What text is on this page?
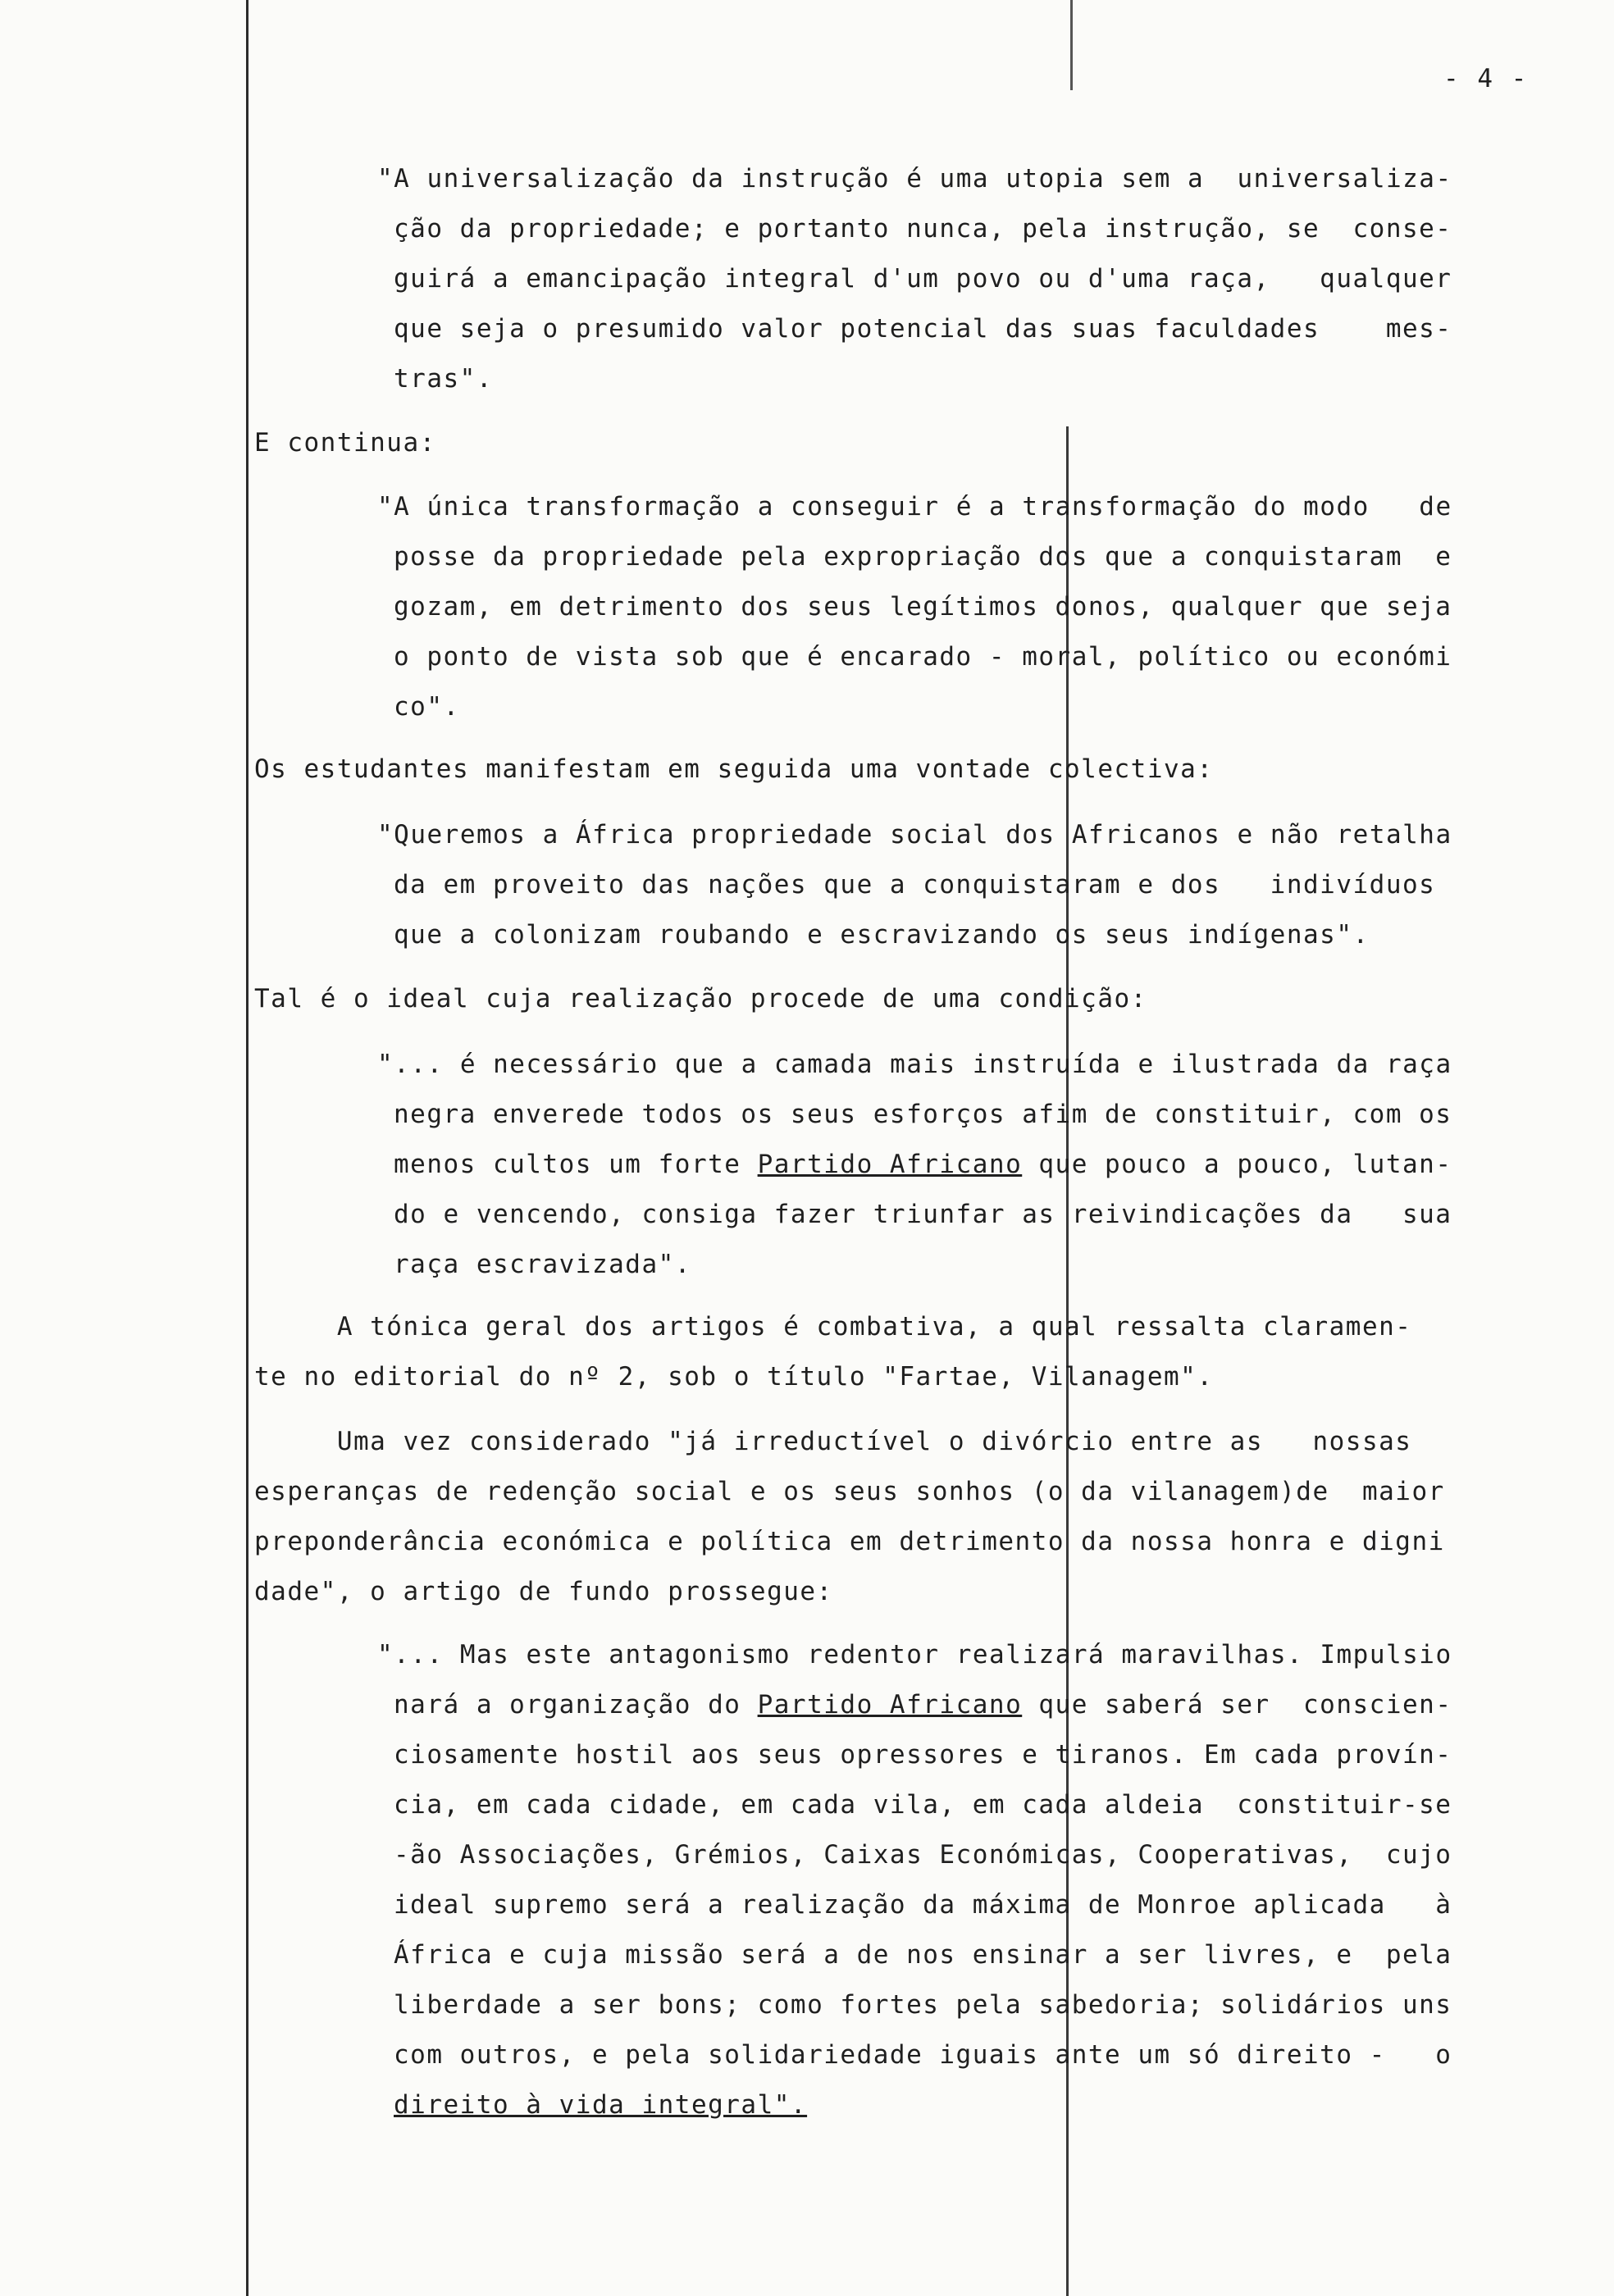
- 4 -
"A universalização da instrução é uma utopia sem a  universaliza-
ção da propriedade; e portanto nunca, pela instrução, se  conse-
guirá a emancipação integral d'um povo ou d'uma raça,   qualquer
que seja o presumido valor potencial das suas faculdades    mes-
tras".
E continua:
"A única transformação a conseguir é a transformação do modo   de
posse da propriedade pela expropriação dos que a conquistaram  e
gozam, em detrimento dos seus legítimos donos, qualquer que seja
o ponto de vista sob que é encarado - moral, político ou económi
co".
Os estudantes manifestam em seguida uma vontade colectiva:
"Queremos a África propriedade social dos Africanos e não retalha
da em proveito das nações que a conquistaram e dos   indivíduos
que a colonizam roubando e escravizando os seus indígenas".
Tal é o ideal cuja realização procede de uma condição:
"... é necessário que a camada mais instruída e ilustrada da raça
negra enverede todos os seus esforços afim de constituir, com os
menos cultos um forte Partido Africano que pouco a pouco, lutan-
do e vencendo, consiga fazer triunfar as reivindicações da   sua
raça escravizada".
A tónica geral dos artigos é combativa, a qual ressalta claramen-
te no editorial do nº 2, sob o título "Fartae, Vilanagem".
Uma vez considerado "já irreductível o divórcio entre as   nossas
esperanças de redenção social e os seus sonhos (o da vilanagem)de  maior
preponderância económica e política em detrimento da nossa honra e digni
dade", o artigo de fundo prossegue:
"... Mas este antagonismo redentor realizará maravilhas. Impulsio
nará a organização do Partido Africano que saberá ser  conscien-
ciosamente hostil aos seus opressores e tiranos. Em cada provín-
cia, em cada cidade, em cada vila, em cada aldeia  constituir-se
-ão Associações, Grémios, Caixas Económicas, Cooperativas,  cujo
ideal supremo será a realização da máxima de Monroe aplicada   à
África e cuja missão será a de nos ensinar a ser livres, e  pela
liberdade a ser bons; como fortes pela sabedoria; solidários uns
com outros, e pela solidariedade iguais ante um só direito -   o
direito à vida integral".
